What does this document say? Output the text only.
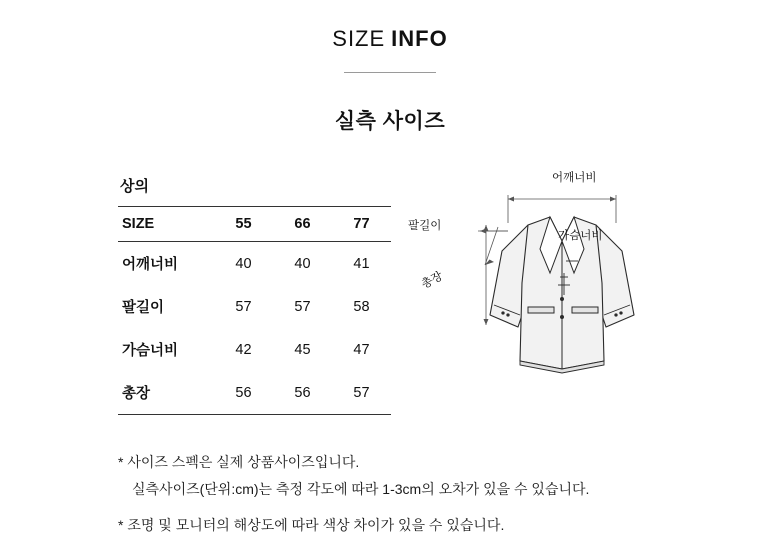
SIZE INFO
실측 사이즈
상의
SIZE	55	66	77
어깨너비	40	40	41
팔길이	57	57	58
가슴너비	42	45	47
총장	56	56	57
어깨너비
팔길이
가슴너비
총장
* 사이즈 스펙은 실제 상품사이즈입니다.
실측사이즈(단위:cm)는 측정 각도에 따라 1-3cm의 오차가 있을 수 있습니다.
* 조명 및 모니터의 해상도에 따라 색상 차이가 있을 수 있습니다.
